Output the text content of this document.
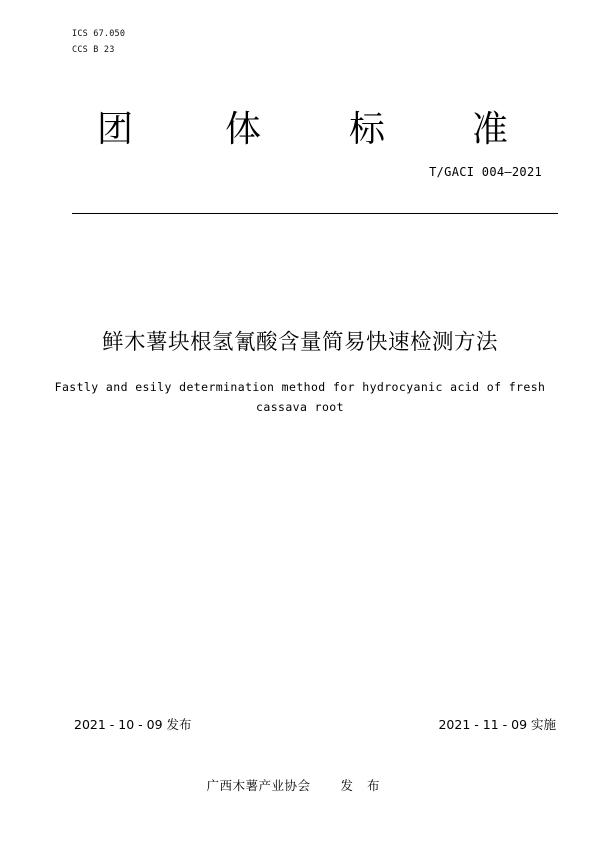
ICS 67.050
CCS B 23
团	体 标 准
T/GACI 004—2021
鲜木薯块根氢氰酸含量简易快速检测方法
Fastly and esily determination method for hydrocyanic acid of fresh
cassava root
2021 - 10 - 09 发布	2021 - 11 - 09 实施
广西木薯产业协会 发布
